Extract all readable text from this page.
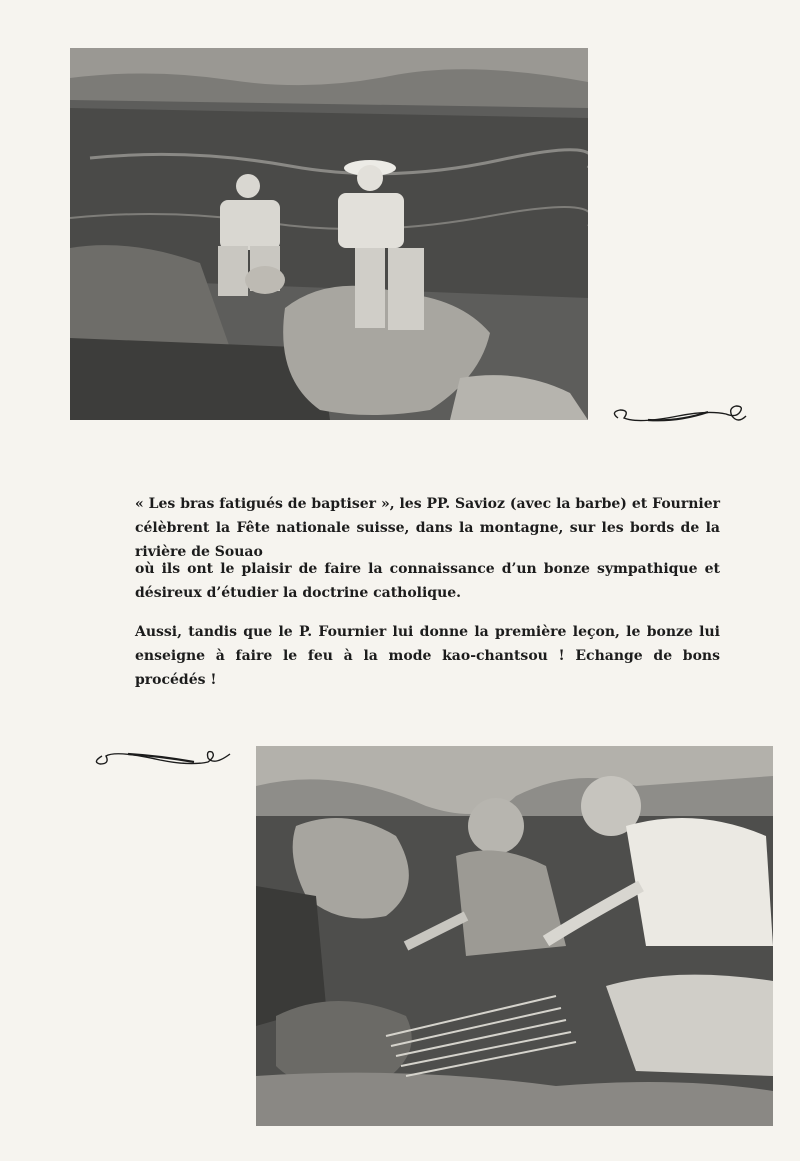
« Les bras fatigués de baptiser », les PP. Savioz (avec la barbe) et Fournier célèbrent la Fête nationale suisse, dans la montagne, sur les bords de la rivière de Souao

où ils ont le plaisir de faire la connaissance d’un bonze sympathique et désireux d’étudier la doctrine catholique.

Aussi, tandis que le P. Fournier lui donne la première leçon, le bonze lui enseigne à faire le feu à la mode kao-chantsou ! Echange de bons procédés !
